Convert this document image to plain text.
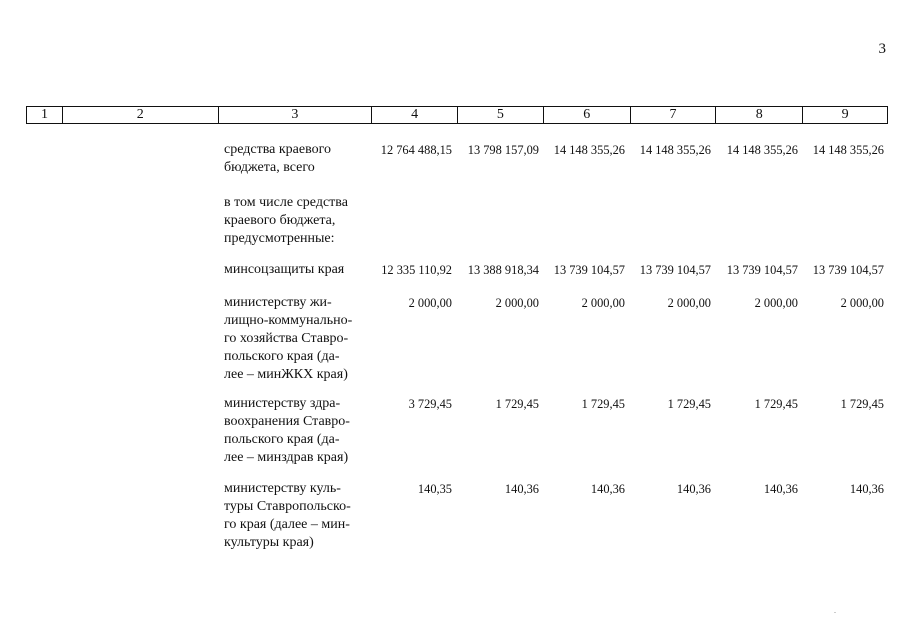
3
1	2	3	4	5	6	7	8	9
средства краевого
бюджета, всего
12 764 488,15	13 798 157,09	14 148 355,26	14 148 355,26	14 148 355,26	14 148 355,26
в том числе средства
краевого бюджета,
предусмотренные:
минсоцзащиты края	12 335 110,92	13 388 918,34	13 739 104,57	13 739 104,57	13 739 104,57	13 739 104,57
министерству жи-
лищно-коммунально-
го хозяйства Ставро-
польского края (да-
лее – минЖКХ края)
2 000,00	2 000,00	2 000,00	2 000,00	2 000,00	2 000,00
министерству здра-
воохранения Ставро-
польского края (да-
лее – минздрав края)
3 729,45	1 729,45	1 729,45	1 729,45	1 729,45	1 729,45
министерству куль-
туры Ставропольско-
го края (далее – мин-
культуры края)
140,35	140,36	140,36	140,36	140,36	140,36
